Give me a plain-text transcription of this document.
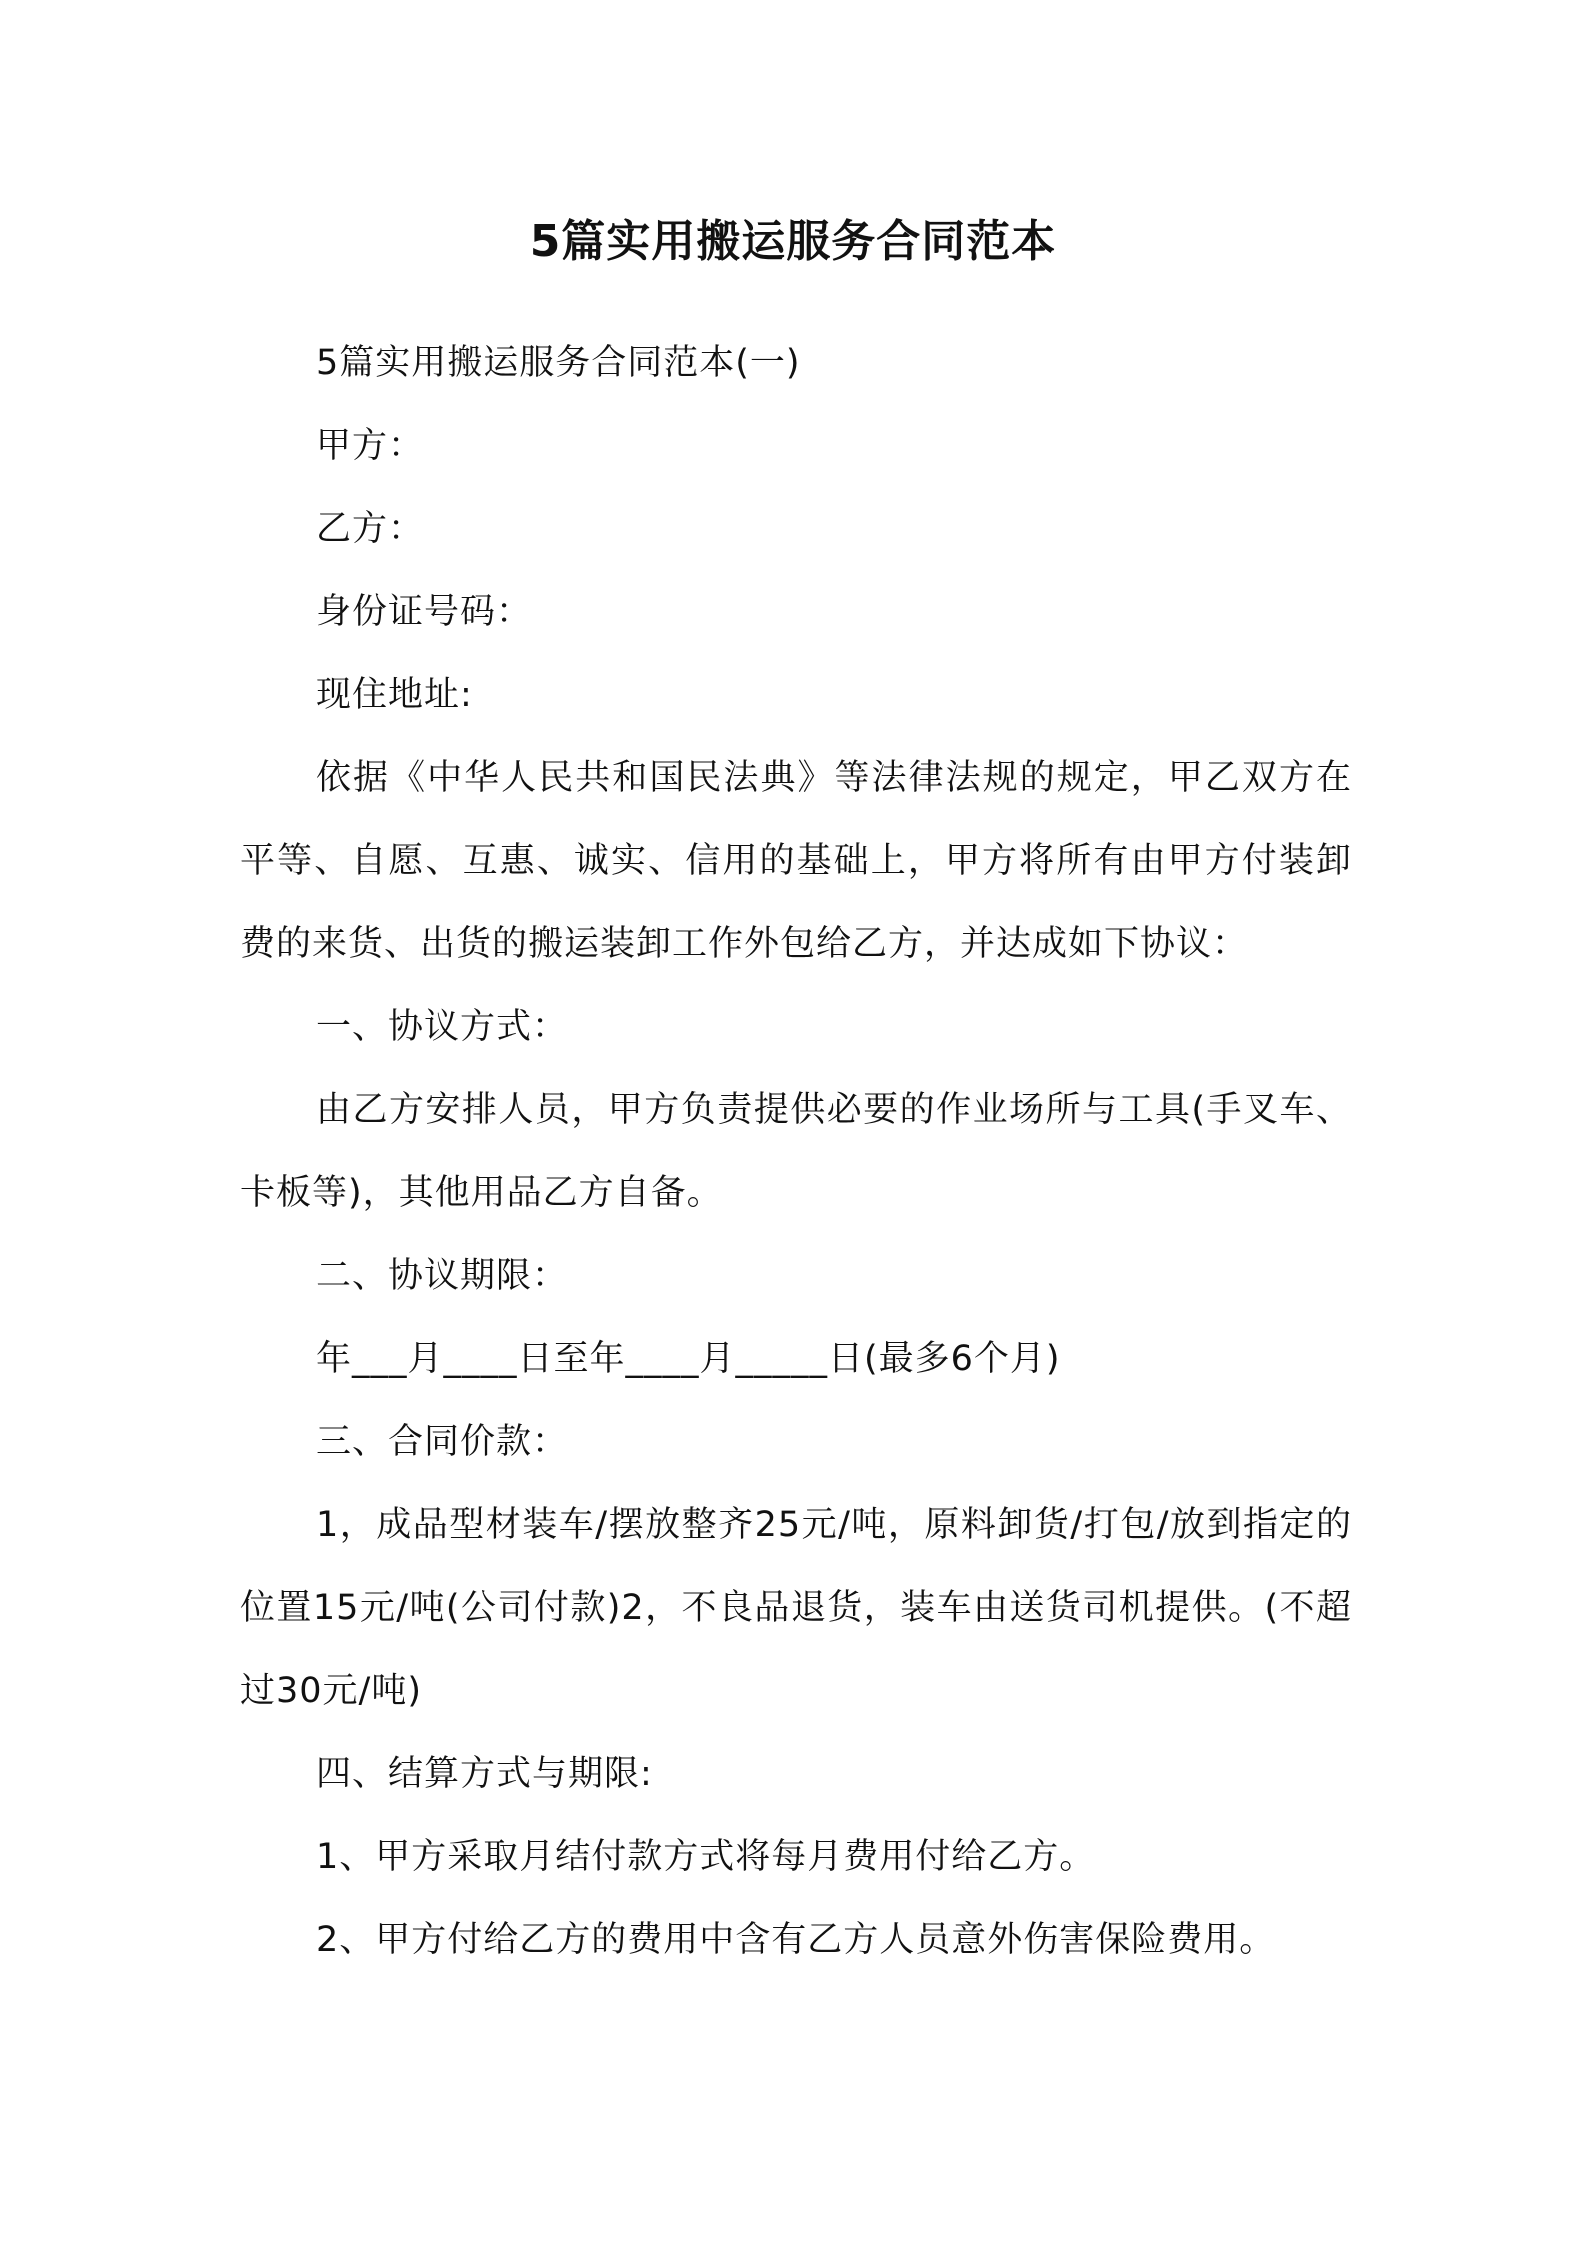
5篇实用搬运服务合同范本

5篇实用搬运服务合同范本(一)

甲方：

乙方：

身份证号码：

现住地址:

依据《中华人民共和国民法典》等法律法规的规定，甲乙双方在平等、自愿、互惠、诚实、信用的基础上，甲方将所有由甲方付装卸费的来货、出货的搬运装卸工作外包给乙方，并达成如下协议：

一、协议方式：

由乙方安排人员，甲方负责提供必要的作业场所与工具(手叉车、卡板等)，其他用品乙方自备。

二、协议期限：

年___月____日至年____月_____日(最多6个月)

三、合同价款：

1，成品型材装车/摆放整齐25元/吨，原料卸货/打包/放到指定的位置15元/吨(公司付款)2，不良品退货，装车由送货司机提供。(不超过30元/吨)

四、结算方式与期限:

1、甲方采取月结付款方式将每月费用付给乙方。

2、甲方付给乙方的费用中含有乙方人员意外伤害保险费用。
